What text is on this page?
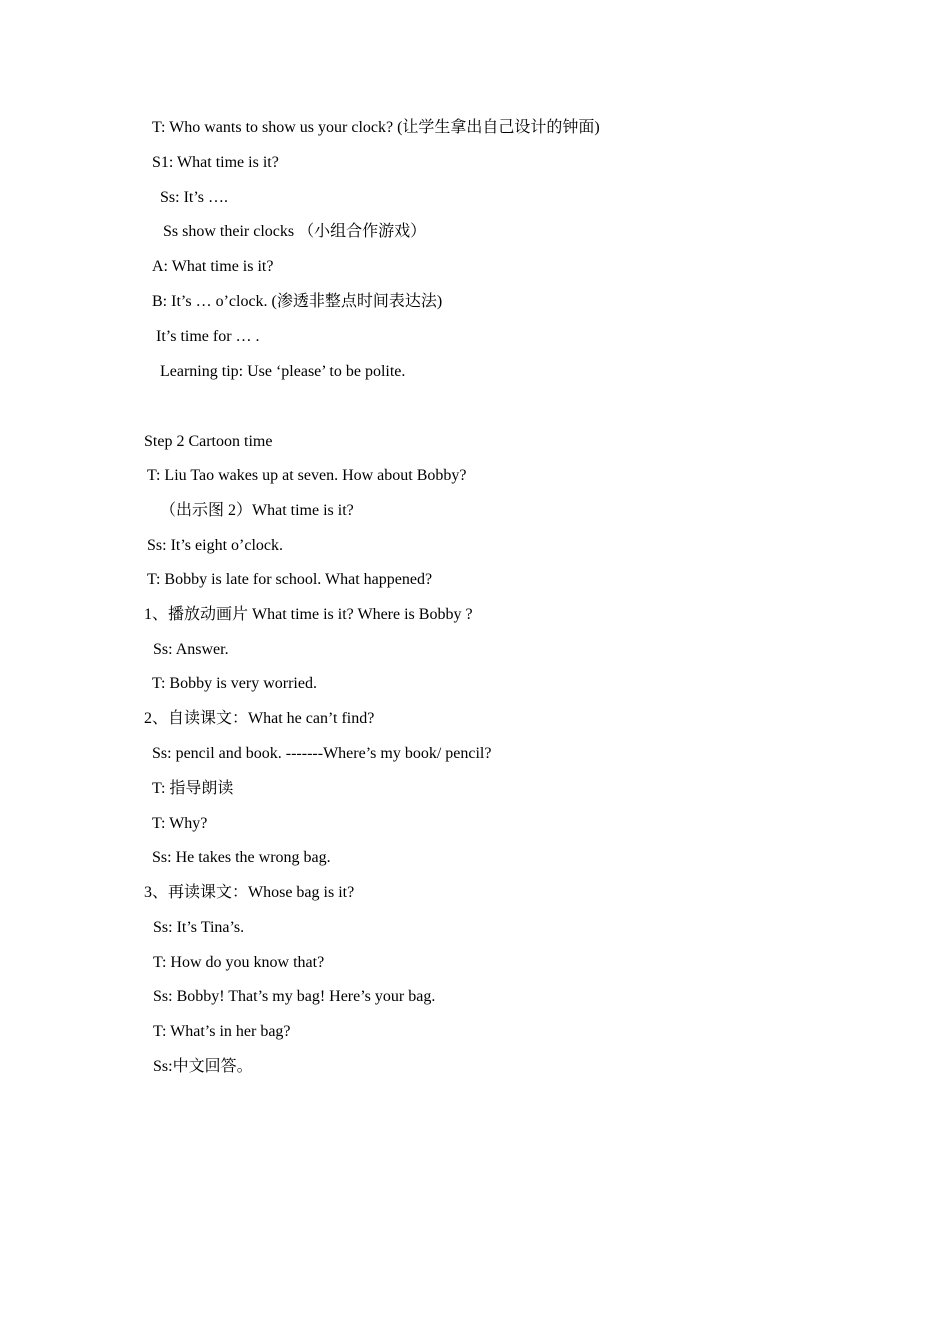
T: Who wants to show us your clock? (让学生拿出自己设计的钟面)
S1: What time is it?
Ss: It’s ….
Ss show their clocks （小组合作游戏）
A: What time is it?
B: It’s … o’clock. (渗透非整点时间表达法)
It’s time for … .
Learning tip: Use ‘please’ to be polite.
Step 2 Cartoon time
T: Liu Tao wakes up at seven. How about Bobby?
（出示图 2）What time is it?
Ss: It’s eight o’clock.
T: Bobby is late for school. What happened?
1、播放动画片 What time is it? Where is Bobby ?
Ss: Answer.
T: Bobby is very worried.
2、自读课文：What he can’t find?
Ss: pencil and book. -------Where’s my book/ pencil?
T: 指导朗读
T: Why?
Ss: He takes the wrong bag.
3、再读课文：Whose bag is it?
Ss: It’s Tina’s.
T: How do you know that?
Ss: Bobby! That’s my bag! Here’s your bag.
T: What’s in her bag?
Ss:中文回答。
